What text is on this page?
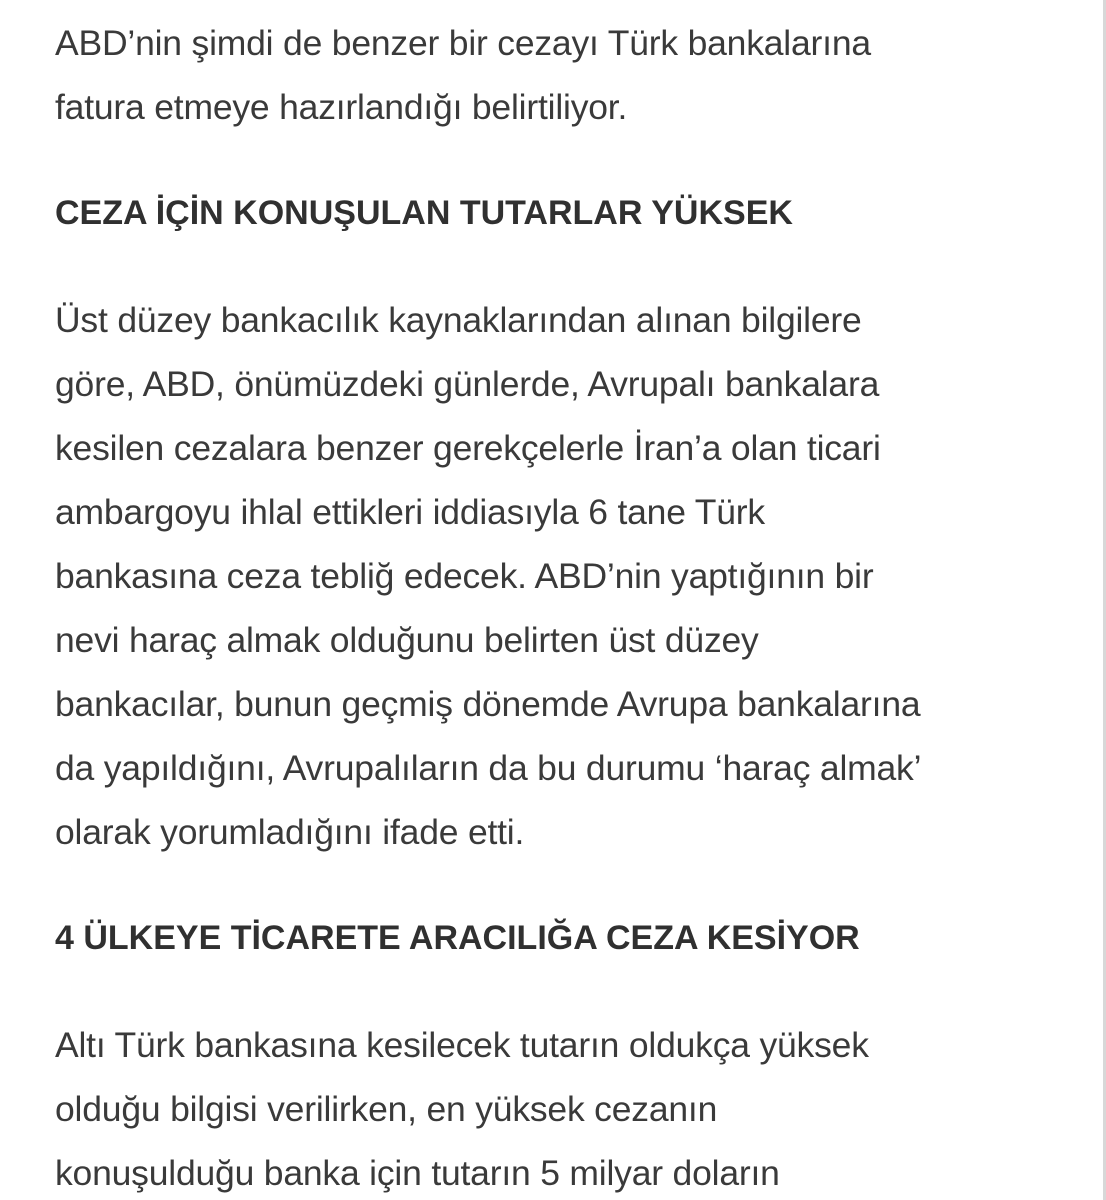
ABD’nin şimdi de benzer bir cezayı Türk bankalarına
fatura etmeye hazırlandığı belirtiliyor.
CEZA İÇİN KONUŞULAN TUTARLAR YÜKSEK
Üst düzey bankacılık kaynaklarından alınan bilgilere
göre, ABD, önümüzdeki günlerde, Avrupalı bankalara
kesilen cezalara benzer gerekçelerle İran’a olan ticari
ambargoyu ihlal ettikleri iddiasıyla 6 tane Türk
bankasına ceza tebliğ edecek. ABD’nin yaptığının bir
nevi haraç almak olduğunu belirten üst düzey
bankacılar, bunun geçmiş dönemde Avrupa bankalarına
da yapıldığını, Avrupalıların da bu durumu ‘haraç almak’
olarak yorumladığını ifade etti.
4 ÜLKEYE TİCARETE ARACILIĞA CEZA KESİYOR
Altı Türk bankasına kesilecek tutarın oldukça yüksek
olduğu bilgisi verilirken, en yüksek cezanın
konuşulduğu banka için tutarın 5 milyar doların
